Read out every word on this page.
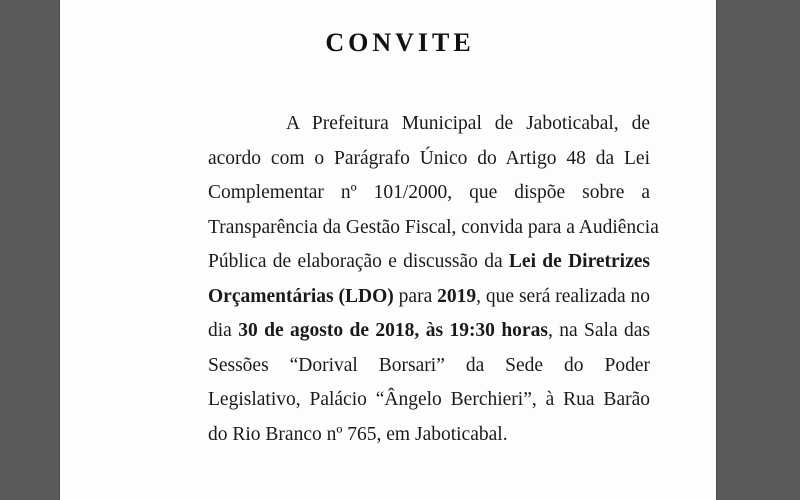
CONVITE
A Prefeitura Municipal de Jaboticabal, de
acordo com o Parágrafo Único do Artigo 48 da Lei
Complementar nº 101/2000, que dispõe sobre a
Transparência da Gestão Fiscal, convida para a Audiência
Pública de elaboração e discussão da Lei de Diretrizes
Orçamentárias (LDO) para 2019, que será realizada no
dia 30 de agosto de 2018, às 19:30 horas, na Sala das
Sessões “Dorival Borsari” da Sede do Poder
Legislativo, Palácio “Ângelo Berchieri”, à Rua Barão
do Rio Branco nº 765, em Jaboticabal.
